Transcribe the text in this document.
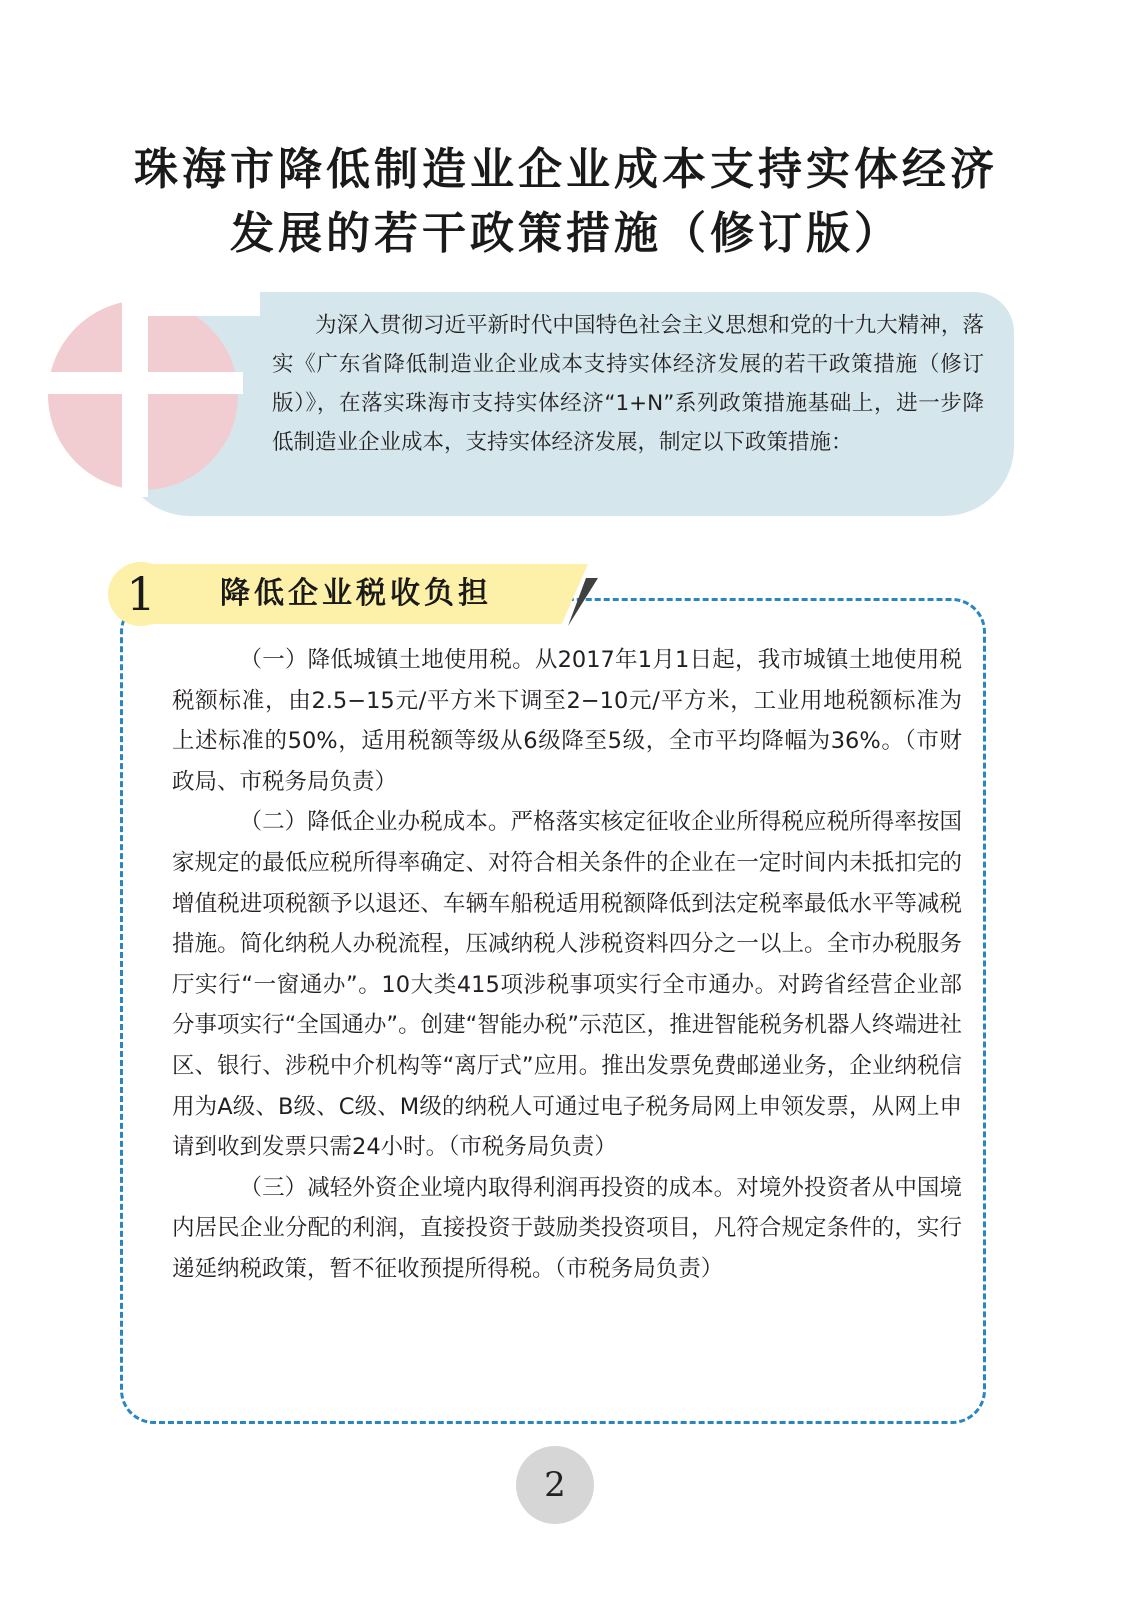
珠海市降低制造业企业成本支持实体经济
发展的若干政策措施（修订版）
为深入贯彻习近平新时代中国特色社会主义思想和党的十九大精神，落实《广东省降低制造业企业成本支持实体经济发展的若干政策措施（修订版）》，在落实珠海市支持实体经济“1+N”系列政策措施基础上，进一步降低制造业企业成本，支持实体经济发展，制定以下政策措施：
1	降低企业税收负担

（一）降低城镇土地使用税。从2017年1月1日起，我市城镇土地使用税税额标准，由2.5−15元/平方米下调至2−10元/平方米，工业用地税额标准为上述标准的50%，适用税额等级从6级降至5级，全市平均降幅为36%。（市财政局、市税务局负责）

（二）降低企业办税成本。严格落实核定征收企业所得税应税所得率按国家规定的最低应税所得率确定、对符合相关条件的企业在一定时间内未抵扣完的增值税进项税额予以退还、车辆车船税适用税额降低到法定税率最低水平等减税措施。简化纳税人办税流程，压减纳税人涉税资料四分之一以上。全市办税服务厅实行“一窗通办”。10大类415项涉税事项实行全市通办。对跨省经营企业部分事项实行“全国通办”。创建“智能办税”示范区，推进智能税务机器人终端进社区、银行、涉税中介机构等“离厅式”应用。推出发票免费邮递业务，企业纳税信用为A级、B级、C级、M级的纳税人可通过电子税务局网上申领发票，从网上申请到收到发票只需24小时。（市税务局负责）

（三）减轻外资企业境内取得利润再投资的成本。对境外投资者从中国境内居民企业分配的利润，直接投资于鼓励类投资项目，凡符合规定条件的，实行递延纳税政策，暂不征收预提所得税。（市税务局负责）

2
